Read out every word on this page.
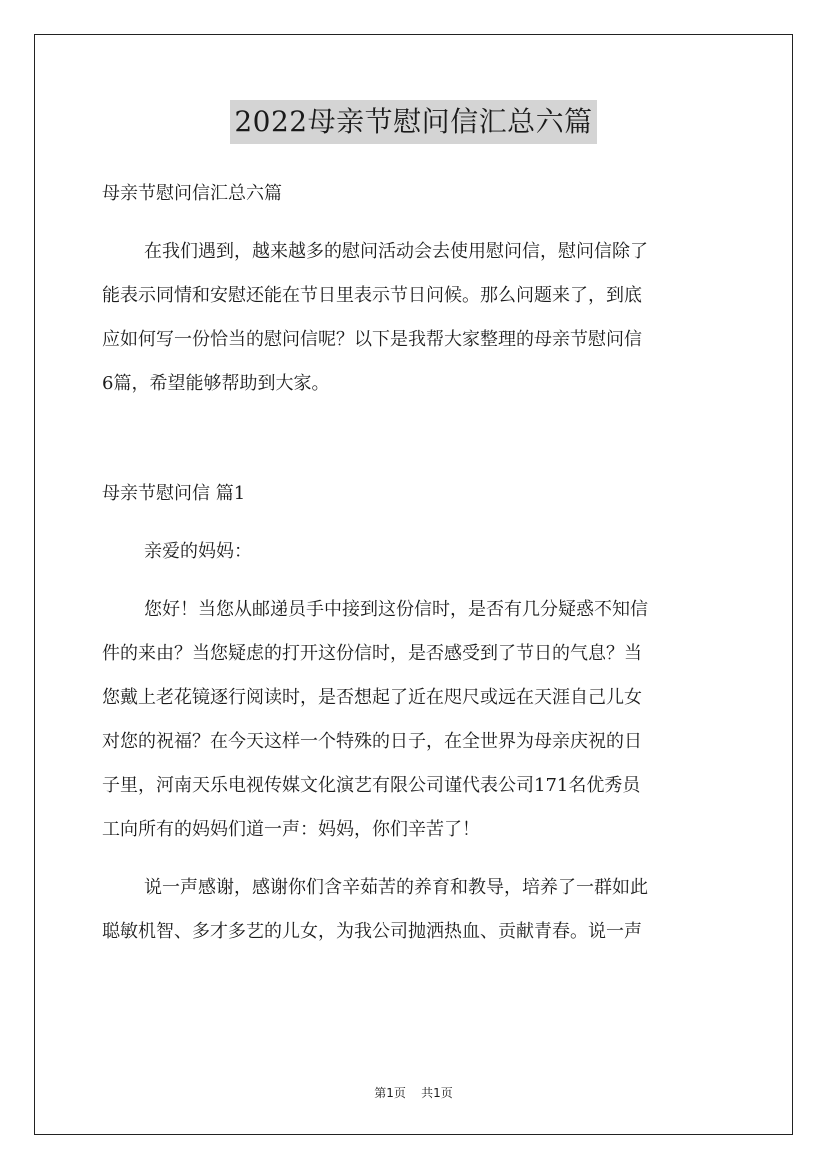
2022母亲节慰问信汇总六篇
母亲节慰问信汇总六篇
在我们遇到，越来越多的慰问活动会去使用慰问信，慰问信除了
能表示同情和安慰还能在节日里表示节日问候。那么问题来了，到底
应如何写一份恰当的慰问信呢？以下是我帮大家整理的母亲节慰问信
6篇，希望能够帮助到大家。
母亲节慰问信 篇1
亲爱的妈妈：
您好！当您从邮递员手中接到这份信时，是否有几分疑惑不知信
件的来由？当您疑虑的打开这份信时，是否感受到了节日的气息？当
您戴上老花镜逐行阅读时，是否想起了近在咫尺或远在天涯自己儿女
对您的祝福？在今天这样一个特殊的日子，在全世界为母亲庆祝的日
子里，河南天乐电视传媒文化演艺有限公司谨代表公司171名优秀员
工向所有的妈妈们道一声：妈妈，你们辛苦了！
说一声感谢，感谢你们含辛茹苦的养育和教导，培养了一群如此
聪敏机智、多才多艺的儿女，为我公司抛洒热血、贡献青春。说一声
第1页 共1页
